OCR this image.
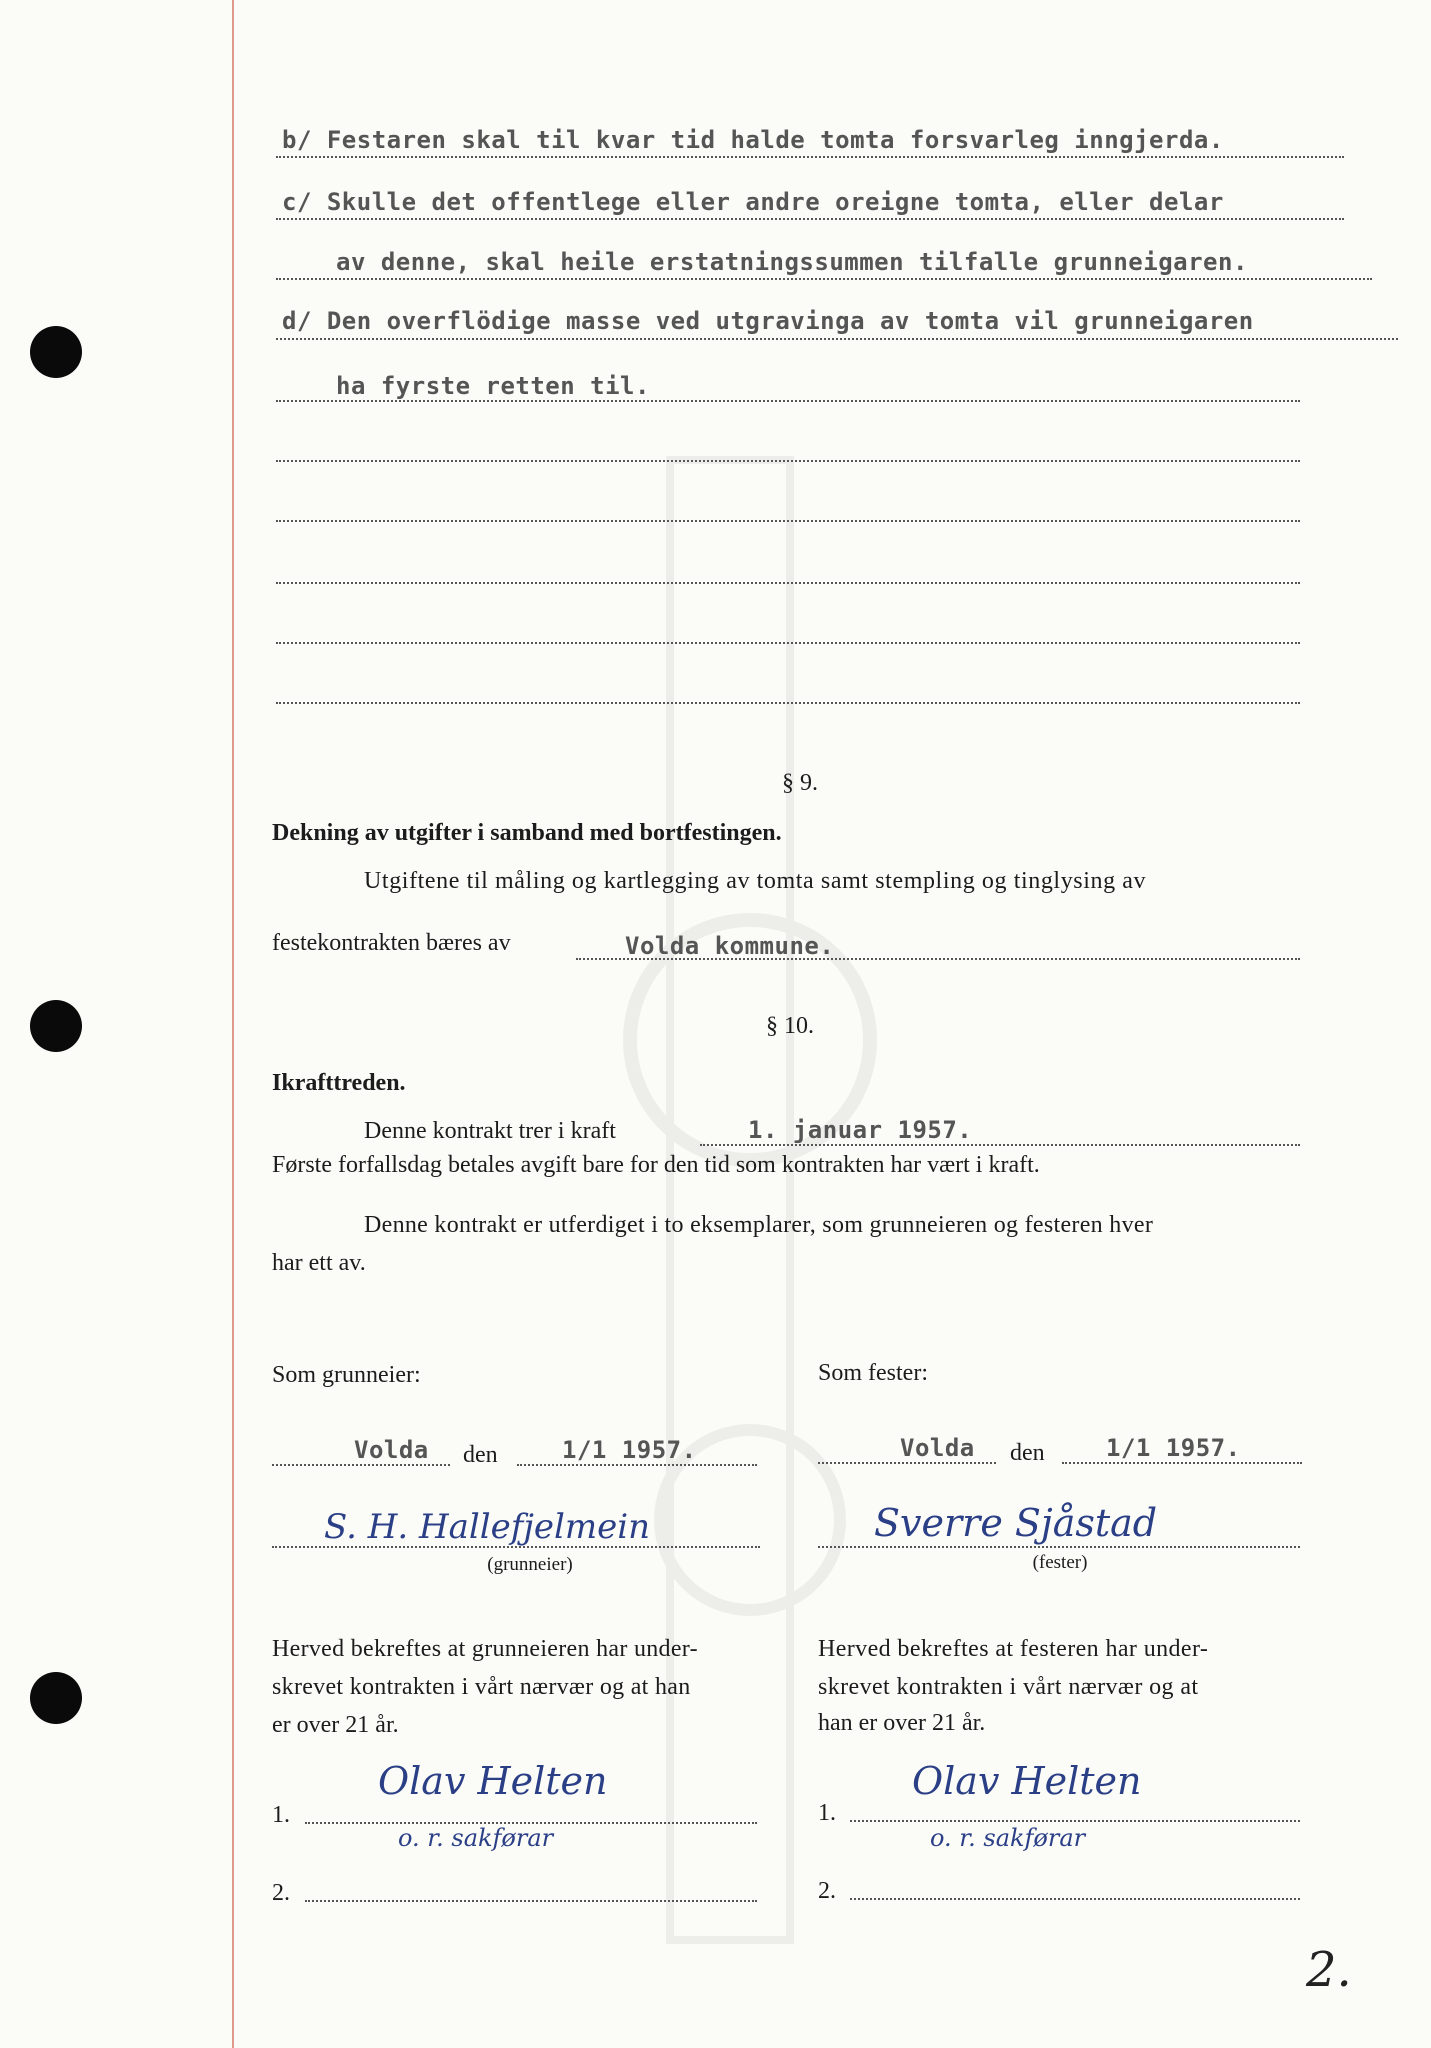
b/ Festaren skal til kvar tid halde tomta forsvarleg inngjerda.
c/ Skulle det offentlege eller andre oreigne tomta, eller delar
av denne, skal heile erstatningssummen tilfalle grunneigaren.
d/ Den overflödige masse ved utgravinga av tomta vil grunneigaren
ha fyrste retten til.
§ 9.
Dekning av utgifter i samband med bortfestingen.
Utgiftene til måling og kartlegging av tomta samt stempling og tinglysing av
festekontrakten bæres av	Volda kommune.
§ 10.
Ikrafttreden.
Denne kontrakt trer i kraft	1. januar 1957.
Første forfallsdag betales avgift bare for den tid som kontrakten har vært i kraft.
Denne kontrakt er utferdiget i to eksemplarer, som grunneieren og festeren hver
har ett av.
Som grunneier:
Volda den	1/1 1957.
S. H. Hallefjelmein
(grunneier)
Herved bekreftes at grunneieren har under-
skrevet kontrakten i vårt nærvær og at han
er over 21 år.
Olav Helten
o. r. sakførar
1.
2.
Som fester:
Volda den	1/1 1957.
Sverre Sjåstad
(fester)
Herved bekreftes at festeren har under-
skrevet kontrakten i vårt nærvær og at
han er over 21 år.
Olav Helten
o. r. sakførar
1.
2.
2.
